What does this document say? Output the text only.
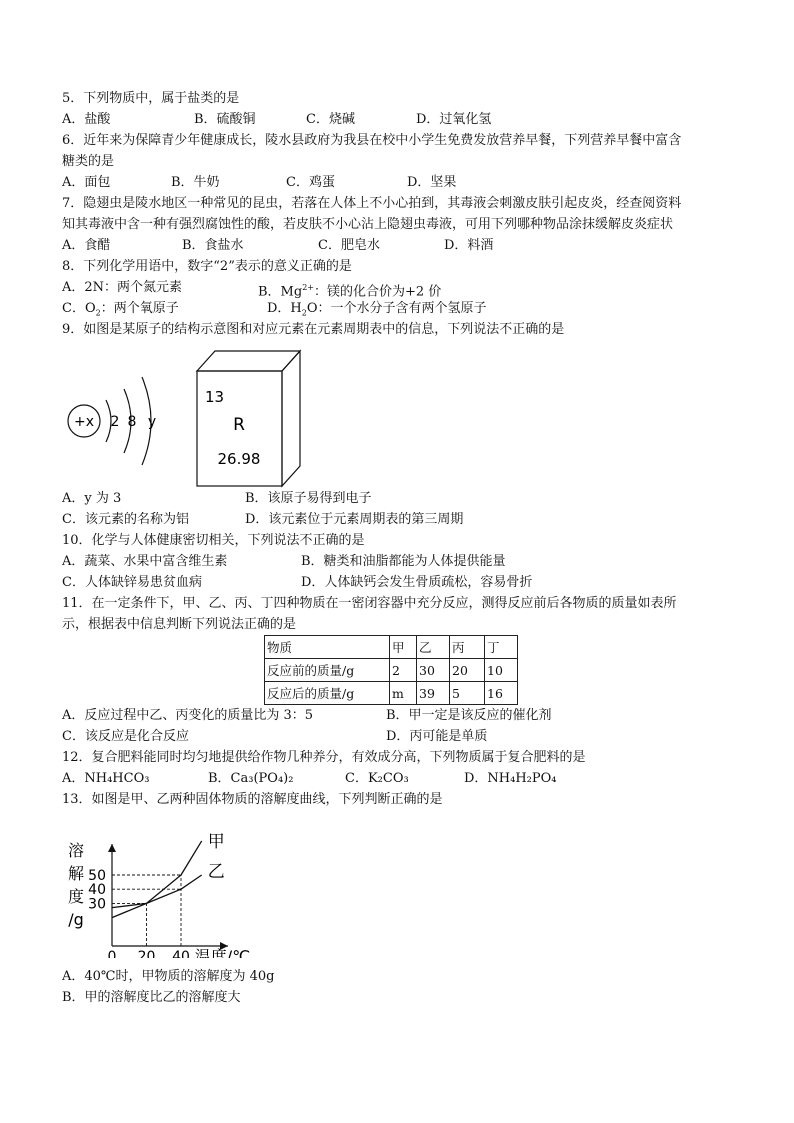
5．下列物质中，属于盐类的是
A．盐酸	B．硫酸铜	C．烧碱	D．过氧化氢
6．近年来为保障青少年健康成长，陵水县政府为我县在校中小学生免费发放营养早餐，下列营养早餐中富含
糖类的是
A．面包	B．牛奶	C．鸡蛋	D．坚果
7．隐翅虫是陵水地区一种常见的昆虫，若落在人体上不小心拍到，其毒液会刺激皮肤引起皮炎，经查阅资料
知其毒液中含一种有强烈腐蚀性的酸，若皮肤不小心沾上隐翅虫毒液，可用下列哪种物品涂抹缓解皮炎症状
A．食醋	B．食盐水	C．肥皂水	D．料酒
8．下列化学用语中，数字“2”表示的意义正确的是
A．2N：两个氮元素	B．$Mg^{2+}$：镁的化合价为+2 价
C．$O_2$：两个氧原子	D．$H_2O$：一个水分子含有两个氢原子
9．如图是某原子的结构示意图和对应元素在元素周期表中的信息，下列说法不正确的是
+x 2 8 y
13
R
26.98
A．y 为 3	B．该原子易得到电子
C．该元素的名称为铝	D．该元素位于元素周期表的第三周期
10．化学与人体健康密切相关，下列说法不正确的是
A．蔬菜、水果中富含维生素	B．糖类和油脂都能为人体提供能量
C．人体缺锌易患贫血病	D．人体缺钙会发生骨质疏松，容易骨折
11．在一定条件下，甲、乙、丙、丁四种物质在一密闭容器中充分反应，测得反应前后各物质的质量如表所
示，根据表中信息判断下列说法正确的是
物质	甲	乙	丙	丁
反应前的质量/g	2	30	20	10
反应后的质量/g	m	39	5	16
A．反应过程中乙、丙变化的质量比为 3：5	B．甲一定是该反应的催化剂
C．该反应是化合反应	D．丙可能是单质
12．复合肥料能同时均匀地提供给作物几种养分，有效成分高，下列物质属于复合肥料的是
A．NH₄HCO₃	B．Ca₃(PO₄)₂	C．K₂CO₃	D．NH₄H₂PO₄
13．如图是甲、乙两种固体物质的溶解度曲线，下列判断正确的是
溶
解
度
/g
甲
乙
50
40
30
0 20 40 温度/℃
A．40℃时，甲物质的溶解度为 40g
B．甲的溶解度比乙的溶解度大
